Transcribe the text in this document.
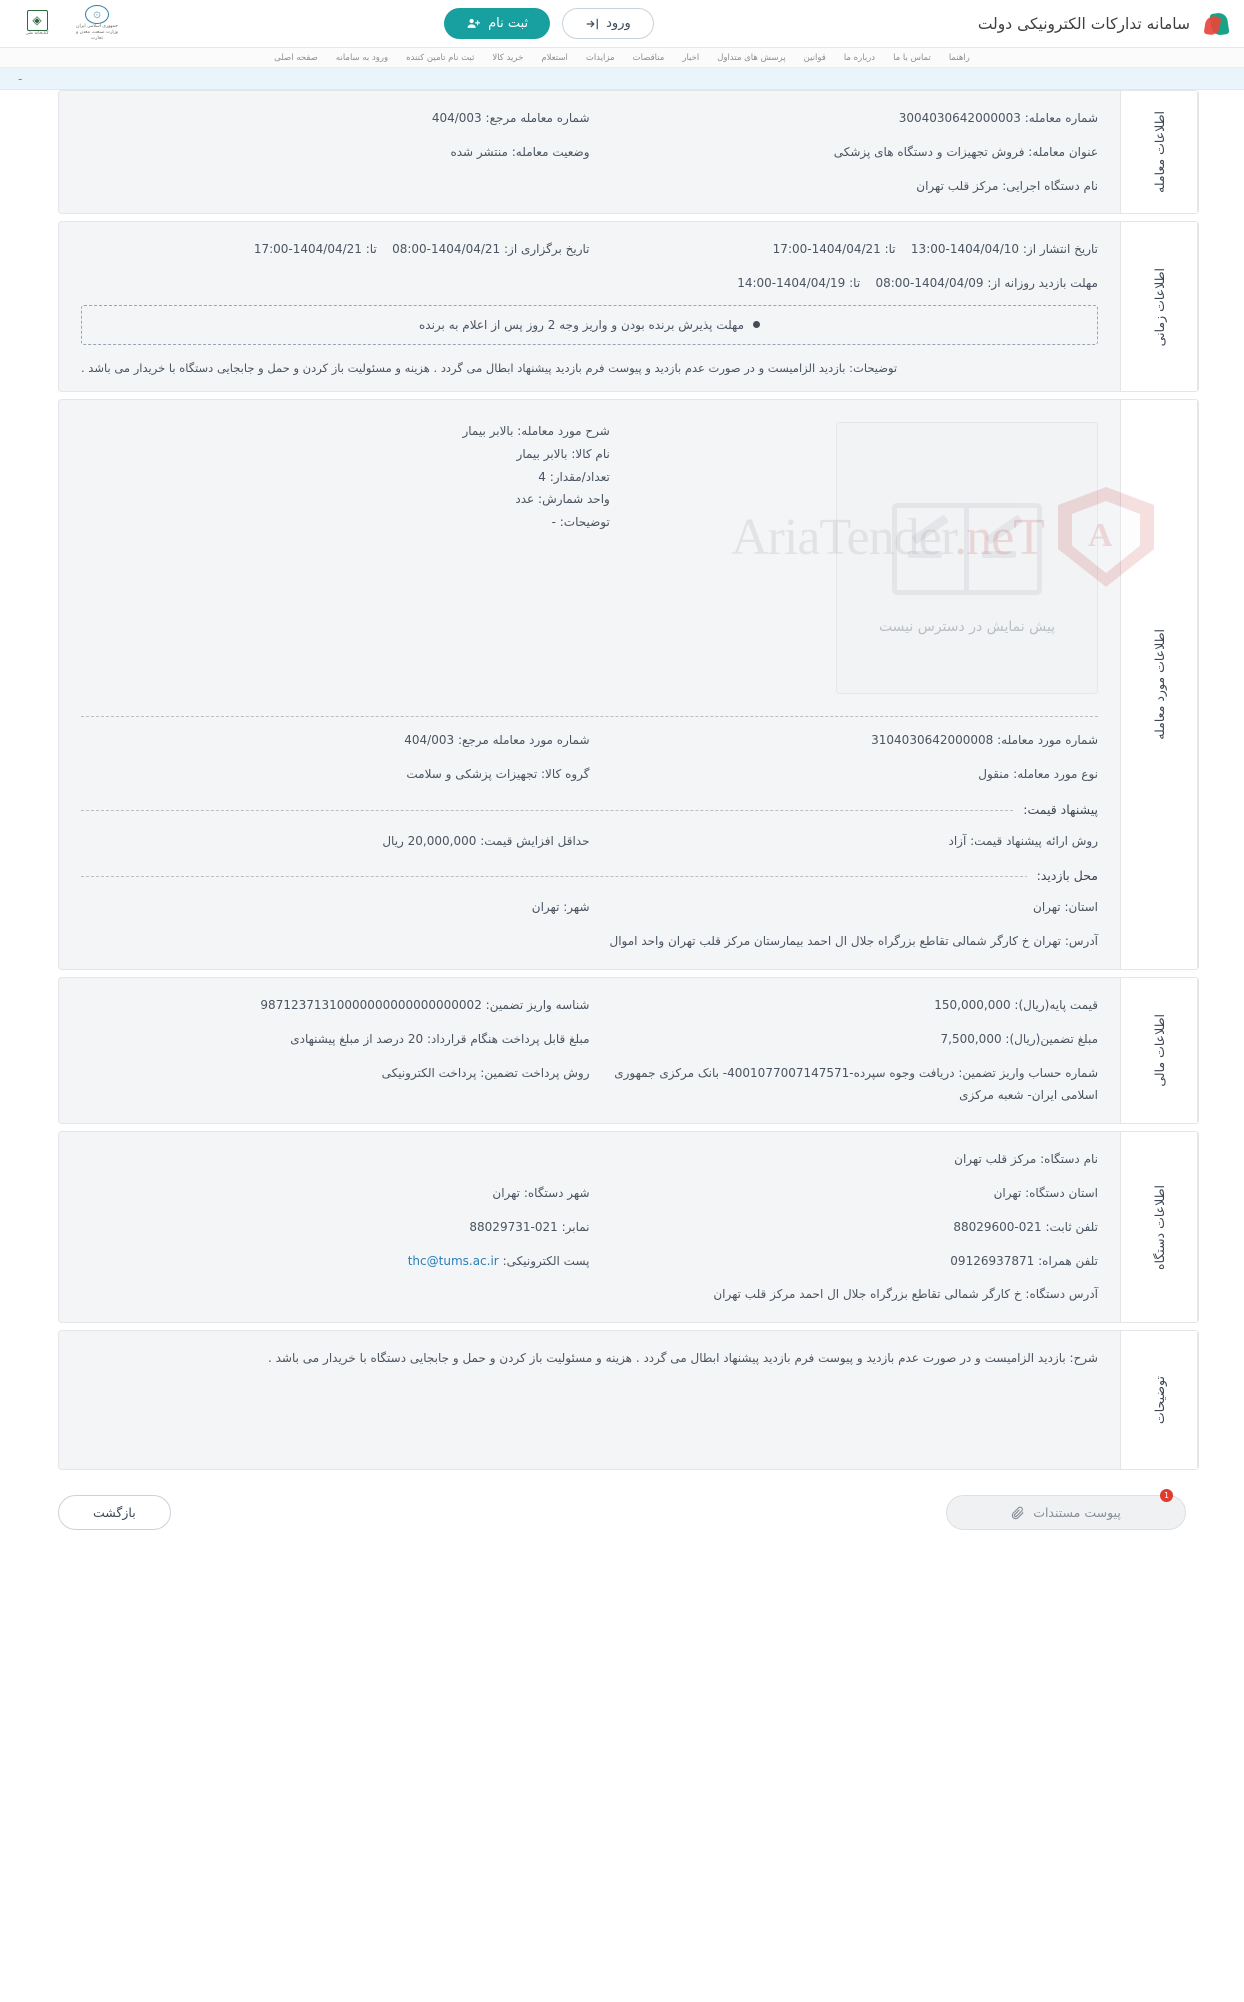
سامانه تدارکات الکترونیکی دولت
ورود
ثبت نام
۞
جمهوری اسلامی ایران
وزارت صنعت، معدن و تجارت
◈
کتابخانه ملی
راهنما
تماس با ما
درباره ما
قوانین
پرسش های متداول
اخبار
مناقصات
مزایدات
استعلام
خرید کالا
ثبت نام تامین کننده
ورود به سامانه
صفحه اصلی
-
اطلاعات معامله
شماره معامله: 3004030642000003
شماره معامله مرجع: 404/003
عنوان معامله: فروش تجهیزات و دستگاه های پزشکی
وضعیت معامله: منتشر شده
نام دستگاه اجرایی: مرکز قلب تهران
اطلاعات زمانی
تاریخ انتشار از: 1404/04/10-13:00    تا: 1404/04/21-17:00
تاریخ برگزاری از: 1404/04/21-08:00    تا: 1404/04/21-17:00
مهلت بازدید روزانه از: 1404/04/09-08:00    تا: 1404/04/19-14:00
مهلت پذیرش برنده بودن و واریز وجه 2 روز پس از اعلام به برنده
توضیحات: بازدید الزامیست و در صورت عدم بازدید و پیوست فرم بازدید پیشنهاد ابطال می گردد . هزینه و مسئولیت باز کردن و حمل و جابجایی دستگاه با خریدار می باشد .
اطلاعات مورد معامله
شرح مورد معامله: بالابر بیمار
نام کالا: بالابر بیمار
تعداد/مقدار: 4
واحد شمارش: عدد
توضیحات: -
پیش نمایش در دسترس نیست
شماره مورد معامله: 3104030642000008
شماره مورد معامله مرجع: 404/003
نوع مورد معامله: منقول
گروه کالا: تجهیزات پزشکی و سلامت
پیشنهاد قیمت:
روش ارائه پیشنهاد قیمت: آزاد
حداقل افزایش قیمت: 20,000,000 ریال
محل بازدید:
استان: تهران
شهر: تهران
آدرس: تهران خ کارگر شمالی تقاطع بزرگراه جلال ال احمد بیمارستان مرکز قلب تهران واحد اموال
اطلاعات مالی
قیمت پایه(ریال): 150,000,000
شناسه واریز تضمین: 98712371310000000000000000002
مبلغ تضمین(ریال): 7,500,000
مبلغ قابل پرداخت هنگام قرارداد: 20 درصد از مبلغ پیشنهادی
شماره حساب واریز تضمین: دریافت وجوه سپرده-4001077007147571- بانک مرکزی جمهوری اسلامی ایران- شعبه مرکزی
روش پرداخت تضمین: پرداخت الکترونیکی
اطلاعات دستگاه
نام دستگاه: مرکز قلب تهران
استان دستگاه: تهران
شهر دستگاه: تهران
تلفن ثابت: 021-88029600
نمابر: 021-88029731
تلفن همراه: 09126937871
پست الکترونیکی: thc@tums.ac.ir
آدرس دستگاه: خ کارگر شمالی تقاطع بزرگراه جلال ال احمد مرکز قلب تهران
توضیحات
شرح: بازدید الزامیست و در صورت عدم بازدید و پیوست فرم بازدید پیشنهاد ابطال می گردد . هزینه و مسئولیت باز کردن و حمل و جابجایی دستگاه با خریدار می باشد .
1
پیوست مستندات
بازگشت
